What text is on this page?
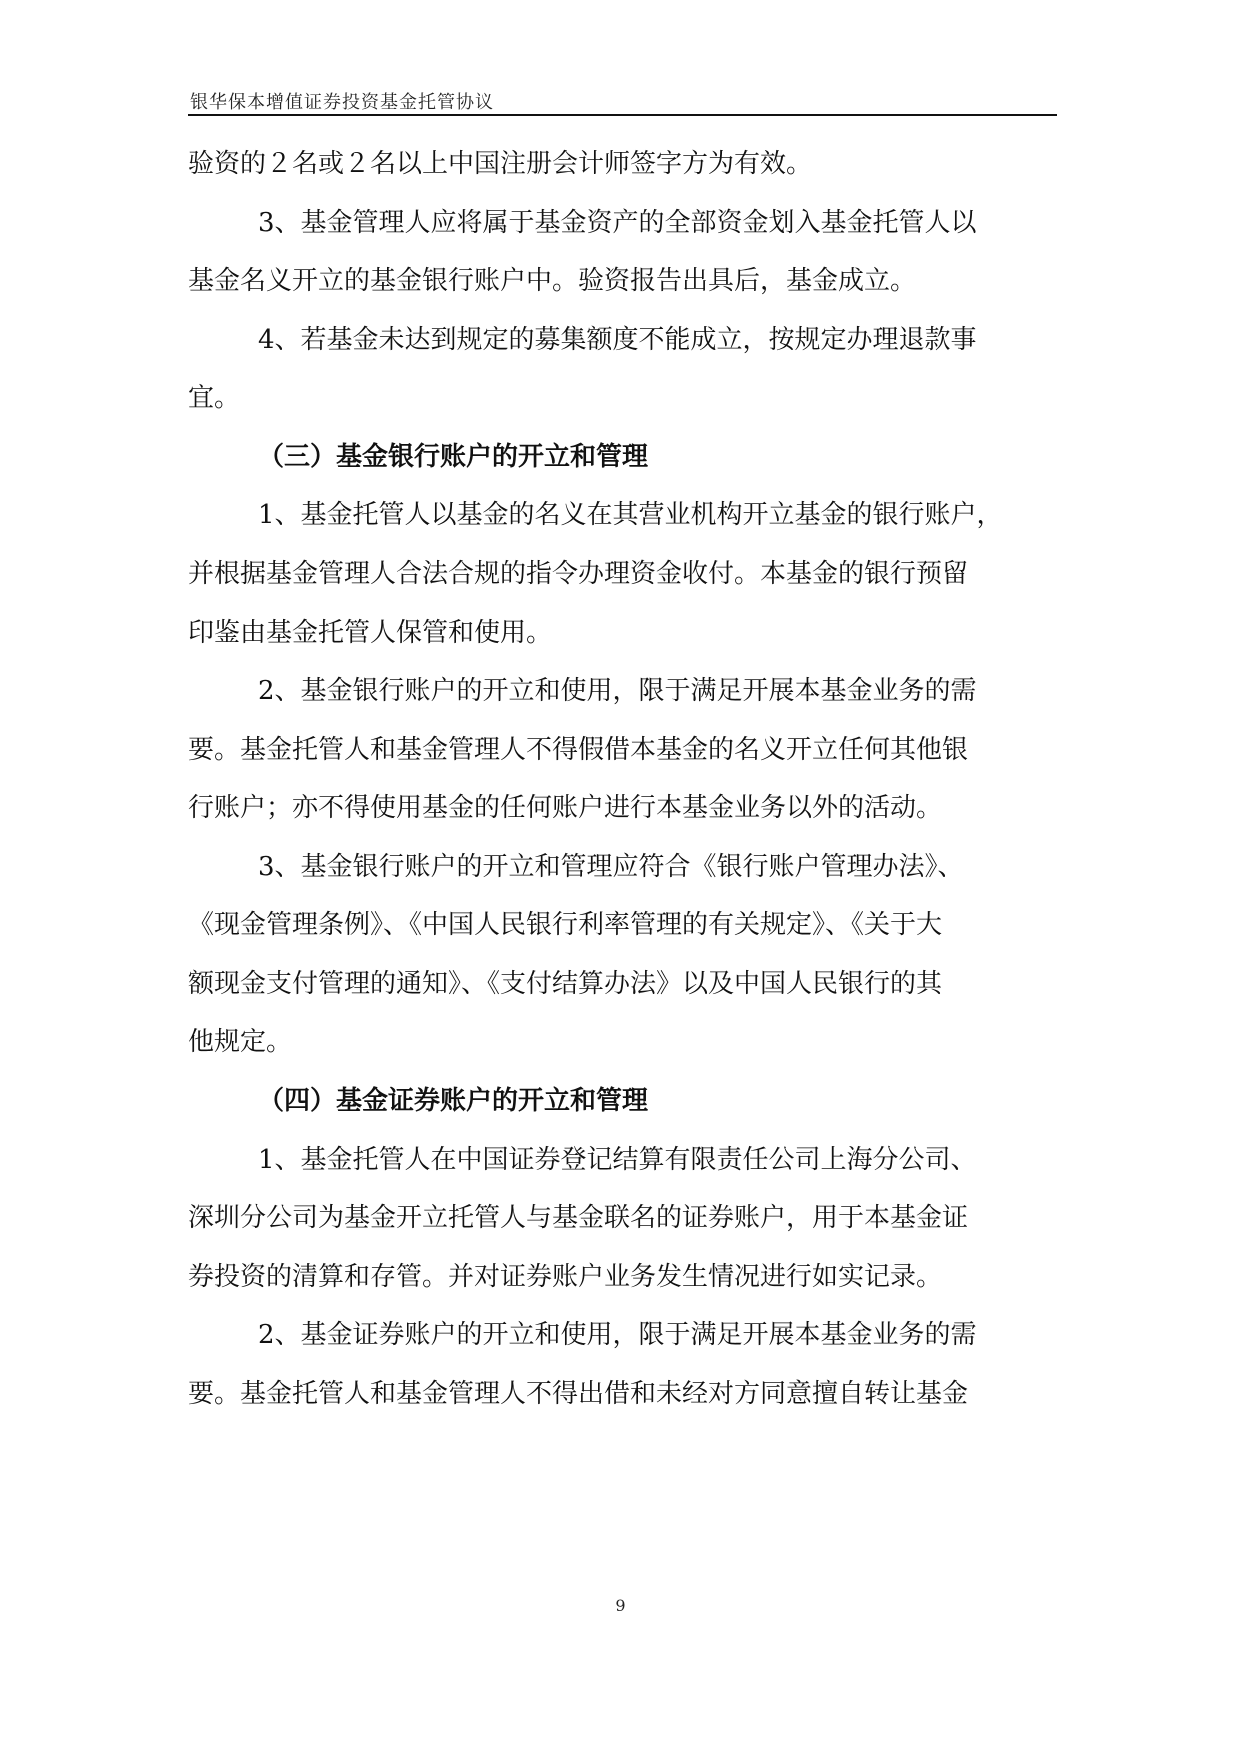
银华保本增值证券投资基金托管协议
验资的２名或２名以上中国注册会计师签字方为有效。
3、基金管理人应将属于基金资产的全部资金划入基金托管人以
基金名义开立的基金银行账户中。验资报告出具后，基金成立。
4、若基金未达到规定的募集额度不能成立，按规定办理退款事
宜。
（三）基金银行账户的开立和管理
1、基金托管人以基金的名义在其营业机构开立基金的银行账户，
并根据基金管理人合法合规的指令办理资金收付。本基金的银行预留
印鉴由基金托管人保管和使用。
2、基金银行账户的开立和使用，限于满足开展本基金业务的需
要。基金托管人和基金管理人不得假借本基金的名义开立任何其他银
行账户；亦不得使用基金的任何账户进行本基金业务以外的活动。
3、基金银行账户的开立和管理应符合《银行账户管理办法》、
《现金管理条例》、《中国人民银行利率管理的有关规定》、《关于大
额现金支付管理的通知》、《支付结算办法》以及中国人民银行的其
他规定。
（四）基金证券账户的开立和管理
1、基金托管人在中国证券登记结算有限责任公司上海分公司、
深圳分公司为基金开立托管人与基金联名的证券账户，用于本基金证
券投资的清算和存管。并对证券账户业务发生情况进行如实记录。
2、基金证券账户的开立和使用，限于满足开展本基金业务的需
要。基金托管人和基金管理人不得出借和未经对方同意擅自转让基金
9
